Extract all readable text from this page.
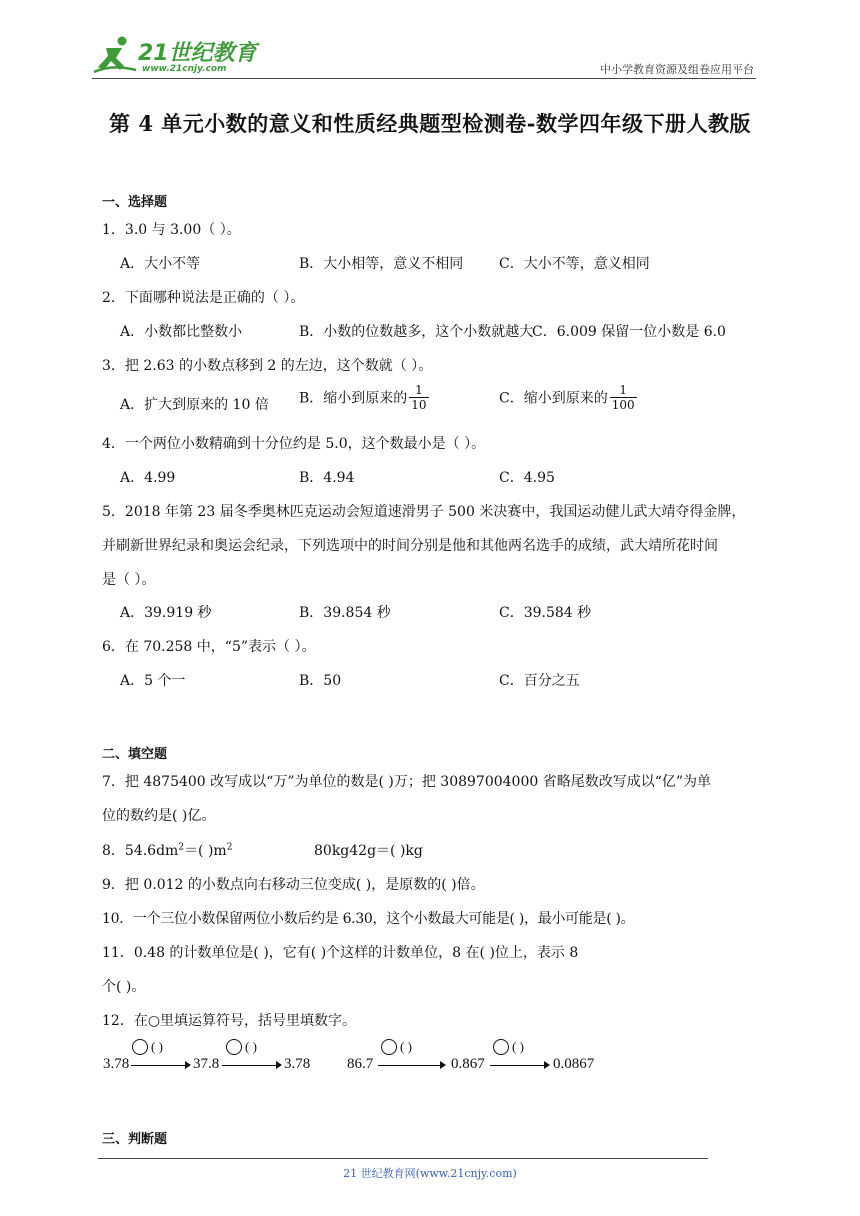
21世纪教育
www.21cnjy.com	中小学教育资源及组卷应用平台
第 4 单元小数的意义和性质经典题型检测卷-数学四年级下册人教版
一、选择题
1．3.0 与 3.00（ ）。
A．大小不等	B．大小相等，意义不相同	C．大小不等，意义相同
2．下面哪种说法是正确的（ ）。
A．小数都比整数小	B．小数的位数越多，这个小数就越大
C．6.009 保留一位小数是 6.0
3．把 2.63 的小数点移到 2 的左边，这个数就（ ）。
A．扩大到原来的 10 倍 B．缩小到原来的 $\frac{1}{10}$	C．缩小到原来的 $\frac{1}{100}$
4．一个两位小数精确到十分位约是 5.0，这个数最小是（ ）。
A．4.99	B．4.94	C．4.95
5．2018 年第 23 届冬季奥林匹克运动会短道速滑男子 500 米决赛中，我国运动健儿武大靖夺得金牌，
并刷新世界纪录和奥运会纪录，下列选项中的时间分别是他和其他两名选手的成绩，武大靖所花时间
是（ ）。
A．39.919 秒	B．39.854 秒	C．39.584 秒
6．在 70.258 中，“5”表示（ ）。
A．5 个一	B．50	C．百分之五
二、填空题
7．把 4875400 改写成以“万”为单位的数是( )万；把 30897004000 省略尾数改写成以“亿”为单
位的数约是( )亿。
8．$54.6dm^2=$( )$m^2$	80kg42g＝( )kg
9．把 0.012 的小数点向右移动三位变成( )，是原数的( )倍。
10．一个三位小数保留两位小数后约是 6.30，这个小数最大可能是( )，最小可能是( )。
11．0.48 的计数单位是( )，它有( )个这样的计数单位，8 在( )位上，表示 8
个( )。
12．在○里填运算符号，括号里填数字。
3.78	37.8	3.78 86.7	0.867	0.0867
( )	( )	( )	( )
三、判断题
21 世纪教育网(www.21cnjy.com)
